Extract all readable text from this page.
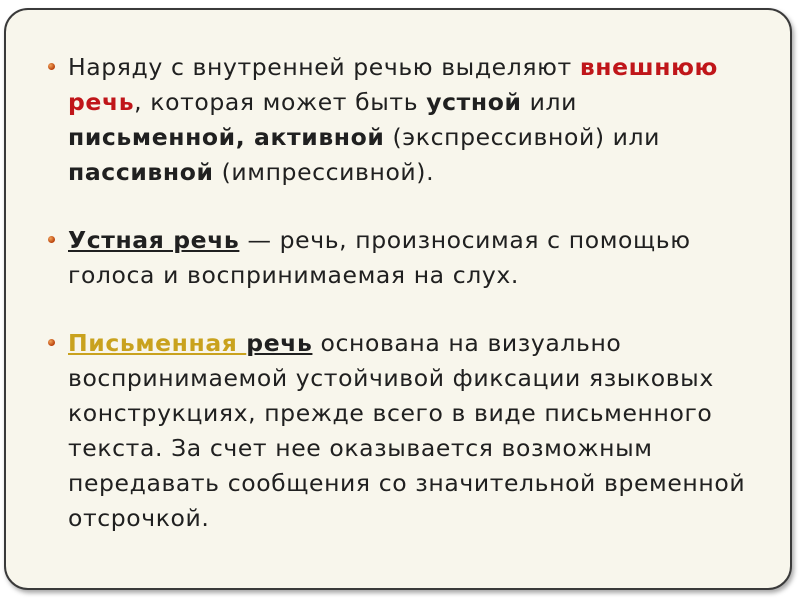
Наряду с внутренней речью выделяют внешнюю речь, которая может быть устной или письменной, активной (экспрессивной) или пассивной (импрессивной).
Устная речь — речь, произносимая с помощью голоса и воспринимаемая на слух.
Письменная речь основана на визуально воспринимаемой устойчивой фиксации языковых конструкциях, прежде всего в виде письменного текста. За счет нее оказывается возможным передавать сообщения со значительной временной отсрочкой.
